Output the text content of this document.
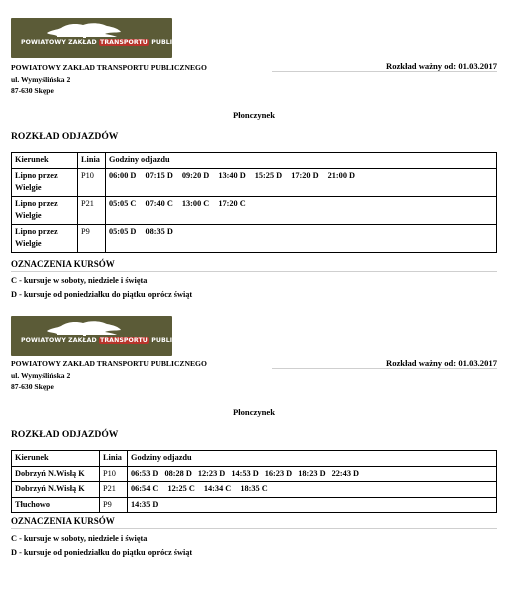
POWIATOWY ZAKŁAD TRANSPORTU PUBLICZNEGO
POWIATOWY ZAKŁAD TRANSPORTU PUBLICZNEGO
ul. Wymyślińska 2
87-630 Skępe
Rozkład ważny od: 01.03.2017
Płonczynek
ROZKŁAD ODJAZDÓW
Kierunek	Linia	Godziny odjazdu
Lipno przez Wielgie	P10	06:00 D 07:15 D 09:20 D 13:40 D 15:25 D 17:20 D 21:00 D
Lipno przez Wielgie	P21	05:05 C 07:40 C 13:00 C 17:20 C
Lipno przez Wielgie	P9	05:05 D 08:35 D
OZNACZENIA KURSÓW
C - kursuje w soboty, niedziele i święta
D - kursuje od poniedziałku do piątku oprócz świąt
POWIATOWY ZAKŁAD TRANSPORTU PUBLICZNEGO
POWIATOWY ZAKŁAD TRANSPORTU PUBLICZNEGO
ul. Wymyślińska 2
87-630 Skępe
Rozkład ważny od: 01.03.2017
Płonczynek
ROZKŁAD ODJAZDÓW
Kierunek	Linia	Godziny odjazdu
Dobrzyń N.Wisłą K	P10	06:53 D 08:28 D 12:23 D 14:53 D 16:23 D 18:23 D 22:43 D
Dobrzyń N.Wisłą K	P21	06:54 C 12:25 C 14:34 C 18:35 C
Tłuchowo	P9	14:35 D
OZNACZENIA KURSÓW
C - kursuje w soboty, niedziele i święta
D - kursuje od poniedziałku do piątku oprócz świąt
